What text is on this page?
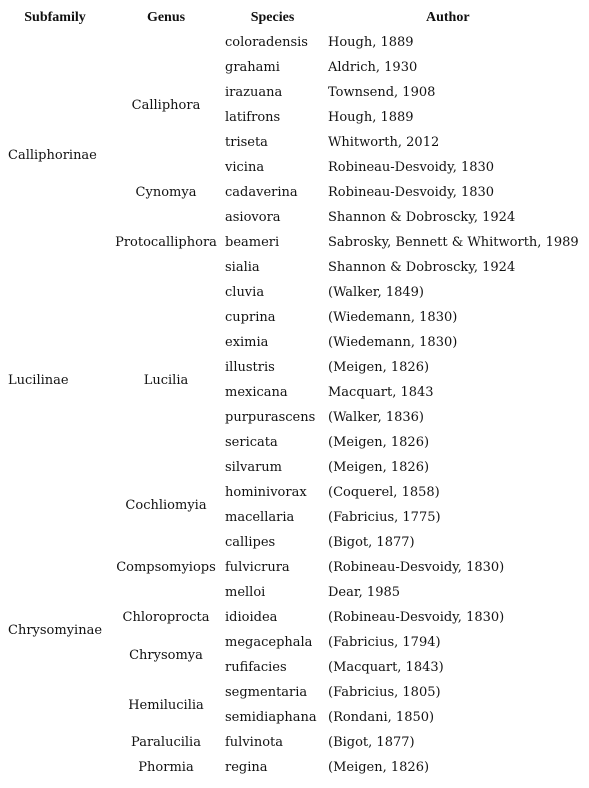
Subfamily	Genus	Species	Author
Calliphorinae	Calliphora	coloradensis	Hough, 1889
		grahami	Aldrich, 1930
		irazuana	Townsend, 1908
		latifrons	Hough, 1889
		triseta	Whitworth, 2012
		vicina	Robineau-Desvoidy, 1830
	Cynomya	cadaverina	Robineau-Desvoidy, 1830
	Protocalliphora	asiovora	Shannon & Dobroscky, 1924
		beameri	Sabrosky, Bennett & Whitworth, 1989
		sialia	Shannon & Dobroscky, 1924
Lucilinae	Lucilia	cluvia	(Walker, 1849)
		cuprina	(Wiedemann, 1830)
		eximia	(Wiedemann, 1830)
		illustris	(Meigen, 1826)
		mexicana	Macquart, 1843
		purpurascens	(Walker, 1836)
		sericata	(Meigen, 1826)
		silvarum	(Meigen, 1826)
Chrysomyinae	Cochliomyia	hominivorax	(Coquerel, 1858)
		macellaria	(Fabricius, 1775)
	Compsomyiops	callipes	(Bigot, 1877)
		fulvicrura	(Robineau-Desvoidy, 1830)
		melloi	Dear, 1985
	Chloroprocta	idioidea	(Robineau-Desvoidy, 1830)
	Chrysomya	megacephala	(Fabricius, 1794)
		rufifacies	(Macquart, 1843)
	Hemilucilia	segmentaria	(Fabricius, 1805)
		semidiaphana	(Rondani, 1850)
	Paralucilia	fulvinota	(Bigot, 1877)
	Phormia	regina	(Meigen, 1826)
